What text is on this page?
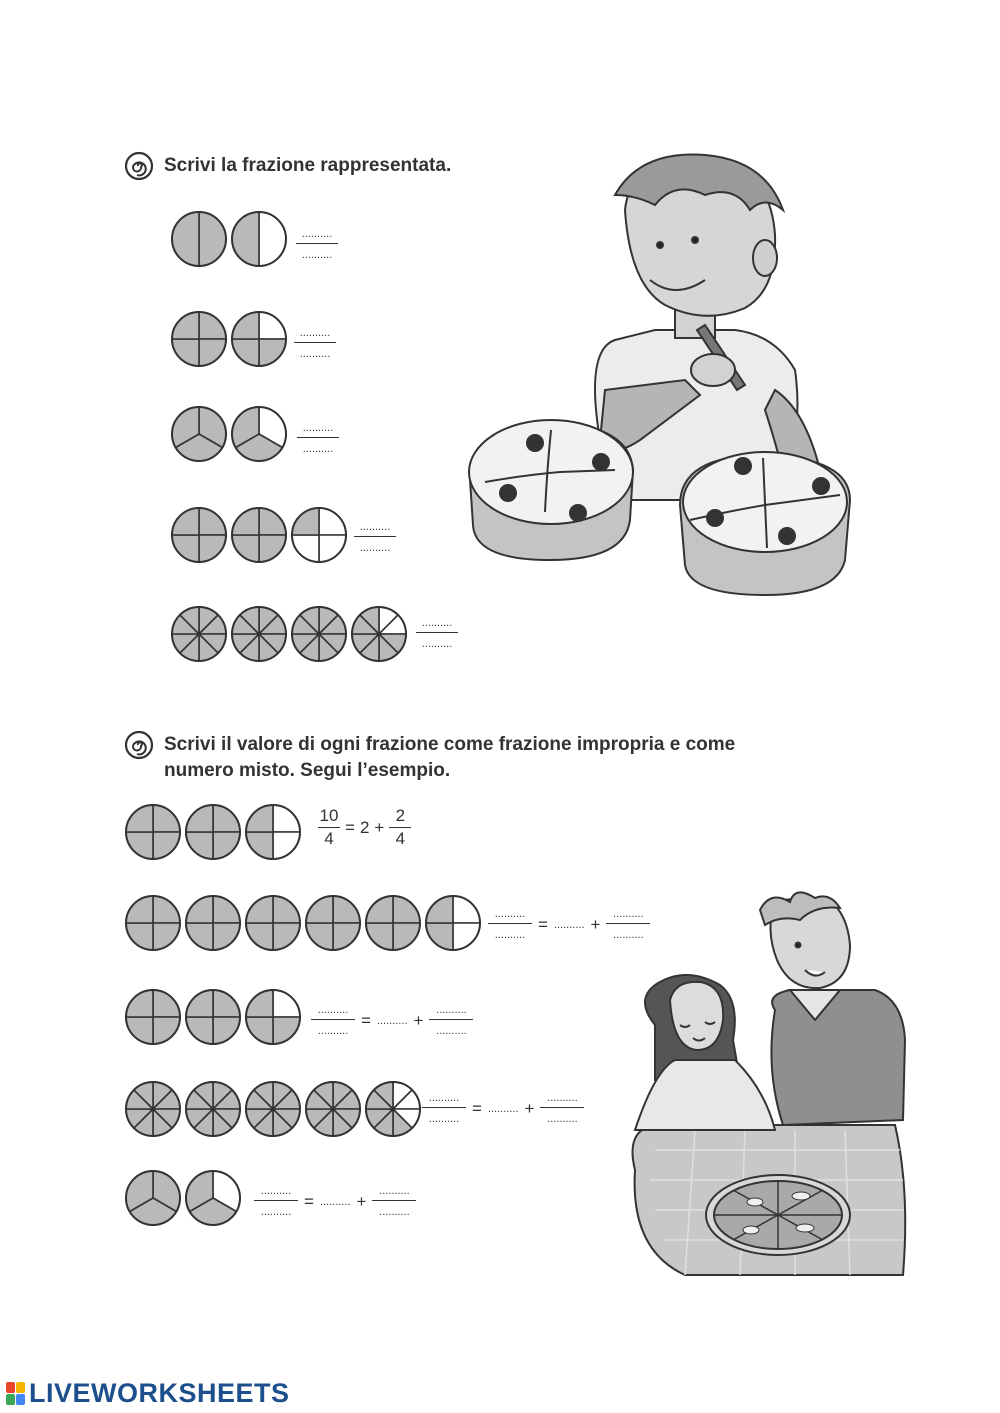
Scrivi la frazione rappresentata.
..........
..........
..........
..........
..........
..........
..........
..........
..........
..........
Scrivi il valore di ogni frazione come frazione impropria e come
numero misto. Segui l’esempio.
$\frac{10}{4} = 2 + \frac{2}{4}$
$\frac{..........}{..........}$ = .......... + $\frac{..........}{..........}$
$\frac{..........}{..........}$ = .......... + $\frac{..........}{..........}$
$\frac{..........}{..........}$ = .......... + $\frac{..........}{..........}$
$\frac{..........}{..........}$ = .......... + $\frac{..........}{..........}$
LIVEWORKSHEETS
